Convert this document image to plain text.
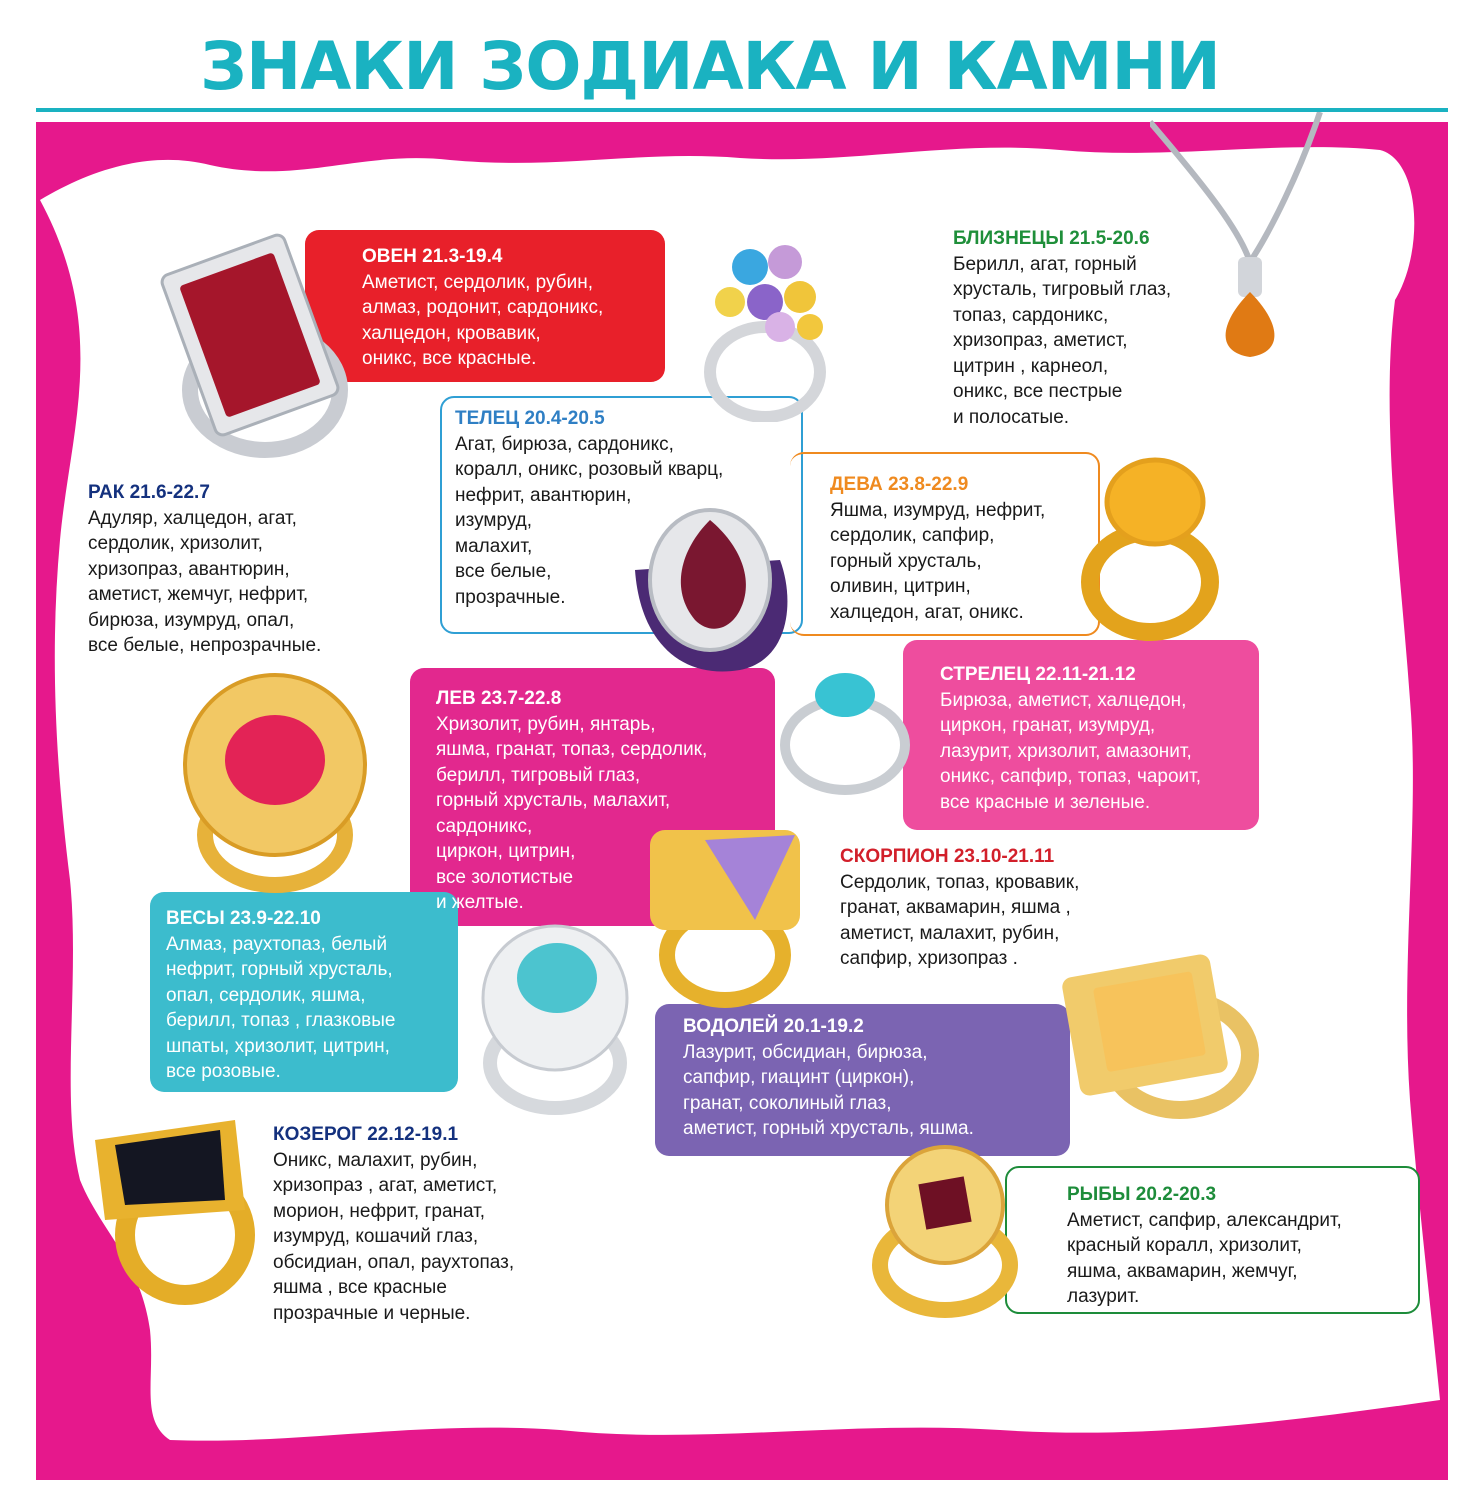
ЗНАКИ ЗОДИАКА И КАМНИ
ОВЕН 21.3-19.4
Аметист, сердолик, рубин,
алмаз, родонит, сардоникс,
халцедон, кровавик,
оникс, все красные.
БЛИЗНЕЦЫ 21.5-20.6
Берилл, агат, горный
хрусталь, тигровый глаз,
топаз, сардоникс,
хризопраз, аметист,
цитрин , карнеол,
оникс, все пестрые
и полосатые.
ТЕЛЕЦ 20.4-20.5
Агат, бирюза, сардоникс,
коралл, оникс, розовый кварц,
нефрит, авантюрин,
изумруд,
малахит,
все белые,
прозрачные.
ДЕВА 23.8-22.9
Яшма, изумруд, нефрит,
сердолик, сапфир,
горный хрусталь,
оливин, цитрин,
халцедон, агат, оникс.
РАК 21.6-22.7
Адуляр, халцедон, агат,
сердолик, хризолит,
хризопраз, авантюрин,
аметист, жемчуг, нефрит,
бирюза, изумруд, опал,
все белые, непрозрачные.
ЛЕВ 23.7-22.8
Хризолит, рубин, янтарь,
яшма, гранат, топаз, сердолик,
берилл, тигровый глаз,
горный хрусталь, малахит,
сардоникс,
циркон, цитрин,
все золотистые
и желтые.
СТРЕЛЕЦ 22.11-21.12
Бирюза, аметист, халцедон,
циркон, гранат, изумруд,
лазурит, хризолит, амазонит,
оникс, сапфир, топаз, чароит,
все красные и зеленые.
СКОРПИОН 23.10-21.11
Сердолик, топаз, кровавик,
гранат, аквамарин, яшма ,
аметист, малахит, рубин,
сапфир, хризопраз .
ВЕСЫ 23.9-22.10
Алмаз, раухтопаз, белый
нефрит, горный хрусталь,
опал, сердолик, яшма,
берилл, топаз , глазковые
шпаты, хризолит, цитрин,
все розовые.
ВОДОЛЕЙ 20.1-19.2
Лазурит, обсидиан, бирюза,
сапфир, гиацинт (циркон),
гранат, соколиный глаз,
аметист, горный хрусталь, яшма.
КОЗЕРОГ 22.12-19.1
Оникс, малахит, рубин,
хризопраз , агат, аметист,
морион, нефрит, гранат,
изумруд, кошачий глаз,
обсидиан, опал, раухтопаз,
яшма , все красные
прозрачные и черные.
РЫБЫ 20.2-20.3
Аметист, сапфир, александрит,
красный коралл, хризолит,
яшма, аквамарин, жемчуг,
лазурит.
